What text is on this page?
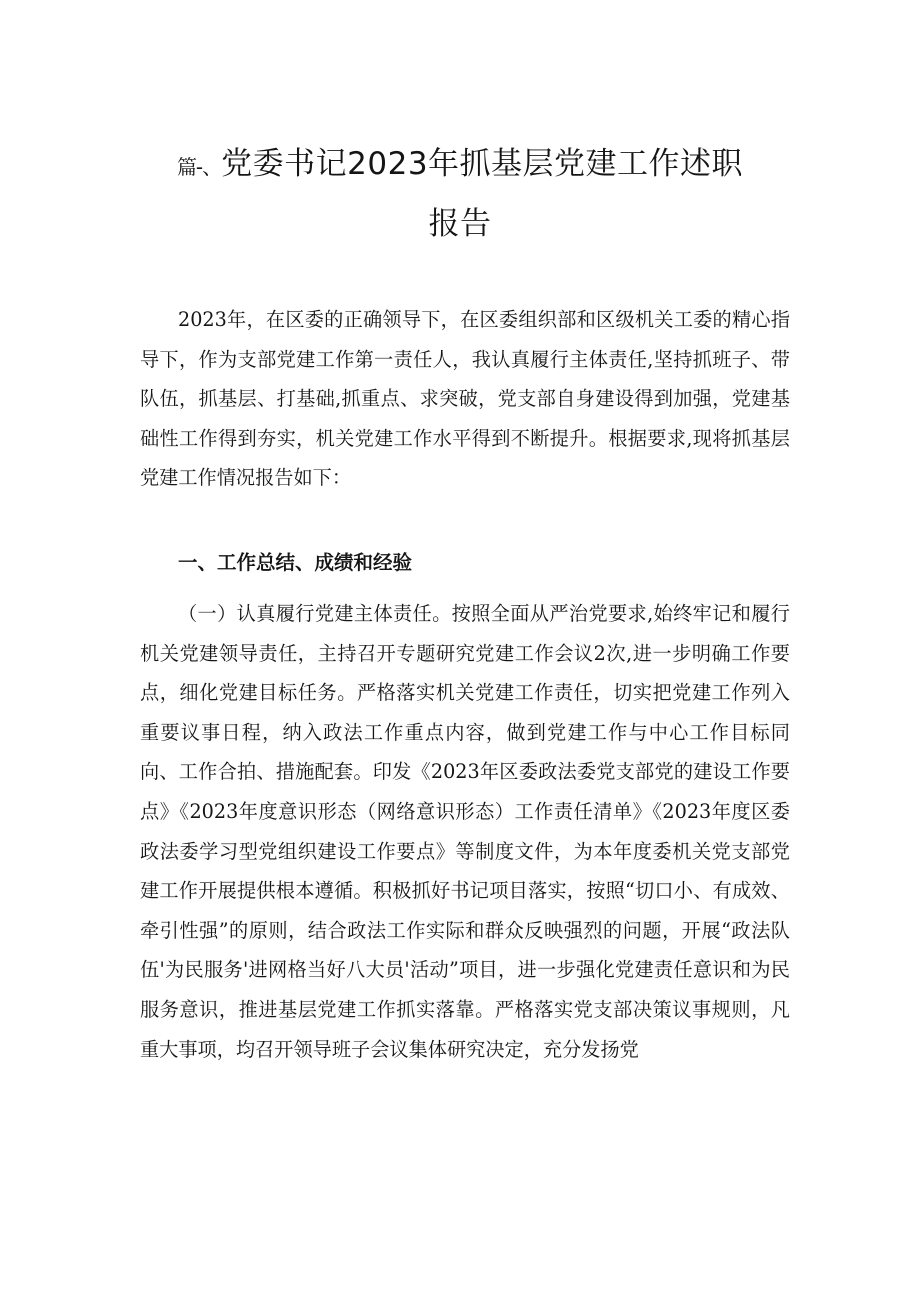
篇-、党委书记2023年抓基层党建工作述职
报告

2023年，在区委的正确领导下，在区委组织部和区级机关工委的精心指导下，作为支部党建工作第一责任人，我认真履行主体责任,坚持抓班子、带队伍，抓基层、打基础,抓重点、求突破，党支部自身建设得到加强，党建基础性工作得到夯实，机关党建工作水平得到不断提升。根据要求,现将抓基层党建工作情况报告如下：

一、工作总结、成绩和经验

（一）认真履行党建主体责任。按照全面从严治党要求,始终牢记和履行机关党建领导责任，主持召开专题研究党建工作会议2次,进一步明确工作要点，细化党建目标任务。严格落实机关党建工作责任，切实把党建工作列入重要议事日程，纳入政法工作重点内容，做到党建工作与中心工作目标同向、工作合拍、措施配套。印发《2023年区委政法委党支部党的建设工作要点》《2023年度意识形态（网络意识形态）工作责任清单》《2023年度区委政法委学习型党组织建设工作要点》等制度文件，为本年度委机关党支部党建工作开展提供根本遵循。积极抓好书记项目落实，按照“切口小、有成效、牵引性强”的原则，结合政法工作实际和群众反映强烈的问题，开展“政法队伍'为民服务'进网格当好八大员'活动”项目，进一步强化党建责任意识和为民服务意识，推进基层党建工作抓实落靠。严格落实党支部决策议事规则，凡重大事项，均召开领导班子会议集体研究决定，充分发扬党
